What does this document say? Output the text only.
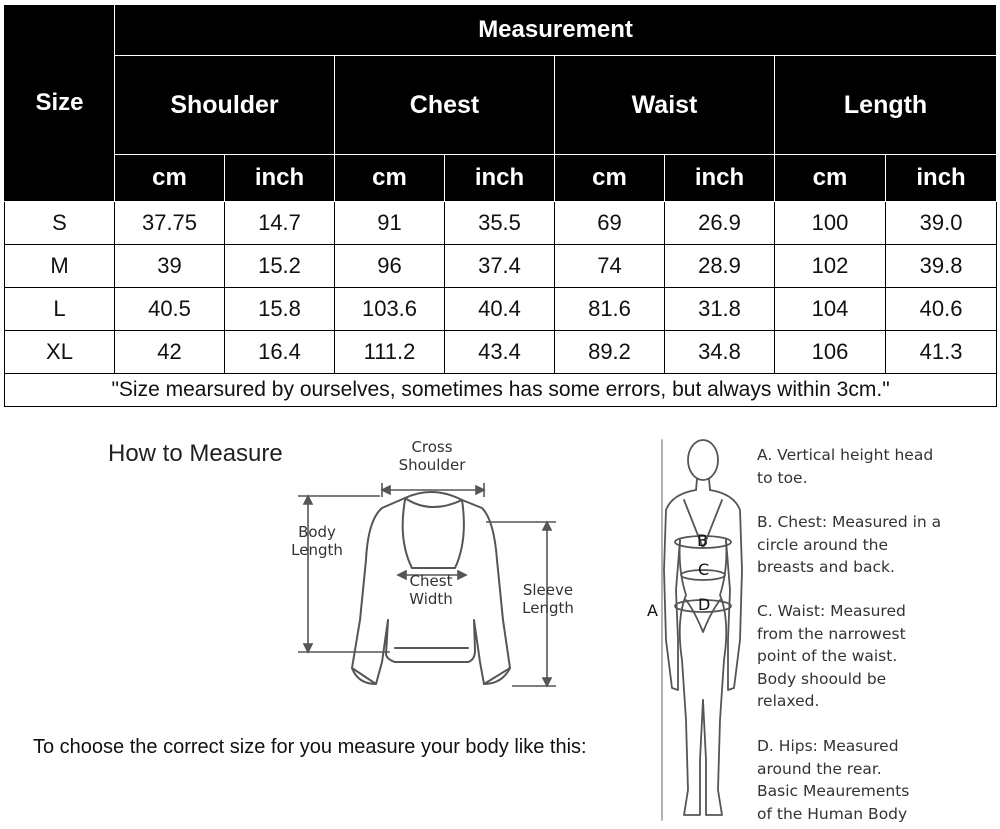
Size	Measurement							
	Shoulder		Chest		Waist		Length	
	cm	inch	cm	inch	cm	inch	cm	inch
S	37.75	14.7	91	35.5	69	26.9	100	39.0
M	39	15.2	96	37.4	74	28.9	102	39.8
L	40.5	15.8	103.6	40.4	81.6	31.8	104	40.6
XL	42	16.4	111.2	43.4	89.2	34.8	106	41.3
"Size mearsured by ourselves, sometimes has some errors, but always within 3cm."								
How to Measure	Cross
Shoulder
Body
Length
Chest
Width	Sleeve
Length
B
C
D
A
A. Vertical height head
to toe.
B. Chest: Measured in a
circle around the
breasts and back.
C. Waist: Measured
from the narrowest
point of the waist.
Body shoould be
relaxed.
D. Hips: Measured
around the rear.
Basic Meaurements
of the Human Body
To choose the correct size for you measure your body like this:
